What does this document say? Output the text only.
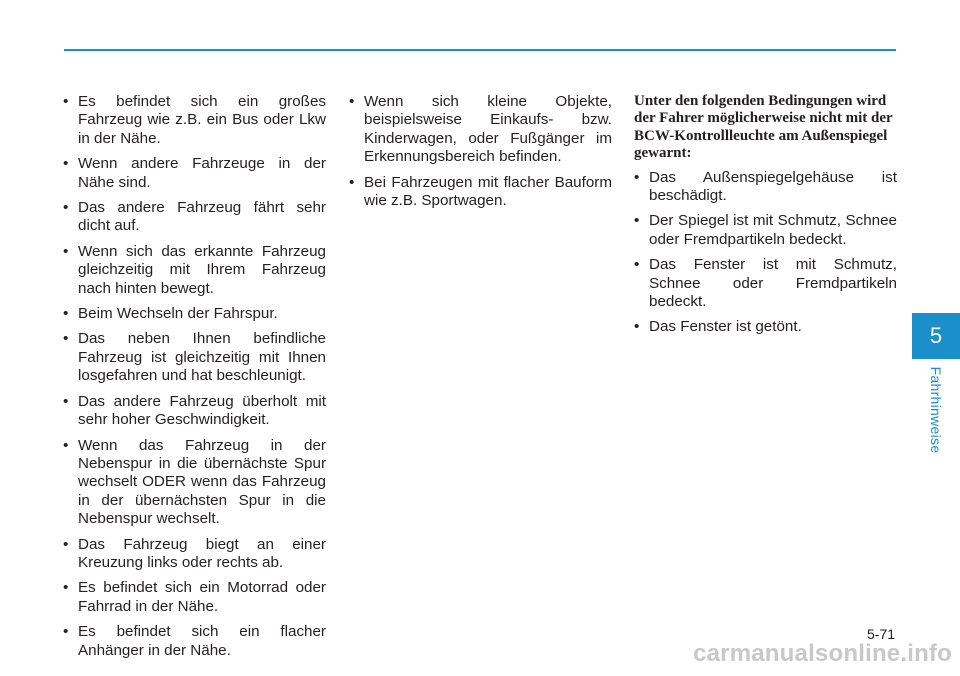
• Es befindet sich ein großes Fahrzeug wie z.B. ein Bus oder Lkw in der Nähe.
• Wenn andere Fahrzeuge in der Nähe sind.
• Das andere Fahrzeug fährt sehr dicht auf.
• Wenn sich das erkannte Fahrzeug gleichzeitig mit Ihrem Fahrzeug nach hinten bewegt.
• Beim Wechseln der Fahrspur.
• Das neben Ihnen befindliche Fahrzeug ist gleichzeitig mit Ihnen losgefahren und hat beschleunigt.
• Das andere Fahrzeug überholt mit sehr hoher Geschwindigkeit.
• Wenn das Fahrzeug in der Nebenspur in die übernächste Spur wechselt ODER wenn das Fahrzeug in der übernächsten Spur in die Nebenspur wechselt.
• Das Fahrzeug biegt an einer Kreuzung links oder rechts ab.
• Es befindet sich ein Motorrad oder Fahrrad in der Nähe.
• Es befindet sich ein flacher Anhänger in der Nähe.
• Wenn sich kleine Objekte, beispielsweise Einkaufs- bzw. Kinderwagen, oder Fußgänger im Erkennungsbereich befinden.
• Bei Fahrzeugen mit flacher Bauform wie z.B. Sportwagen.

Unter den folgenden Bedingungen wird der Fahrer möglicherweise nicht mit der BCW-Kontrollleuchte am Außenspiegel gewarnt:

• Das Außenspiegelgehäuse ist beschädigt.
• Der Spiegel ist mit Schmutz, Schnee oder Fremdpartikeln bedeckt.
• Das Fenster ist mit Schmutz, Schnee oder Fremdpartikeln bedeckt.
• Das Fenster ist getönt.	5
Fahrhinweise
5-71
carmanualsonline.info
